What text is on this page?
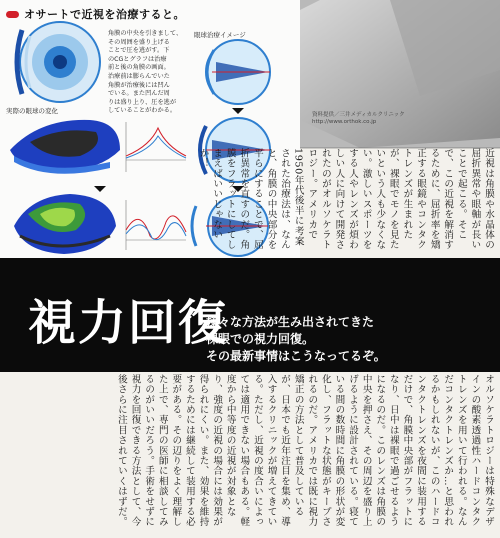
オサートで近視を治療すると。
角膜の中央を引きまして、
その周囲を盛り上げる
ことで圧を逃がす。下
のCGとグラフは治療
前と後の角膜の画面。
治療前は膨らんでいた
角膜が治療後には凹ん
でいる。また凹んだ周
りは盛り上り、圧を逃が
していることがわかる。
眼球治療イメージ
実際の眼球の変化	資料提供／三井メディカルクリニック
http://www.orthok.co.jp
近視は角膜や水晶体の屈折異常や眼軸が長いことで起こる。そこで、この近視を解消するために、屈折率を矯正する眼鏡やコンタクトレンズが生まれたが、裸眼でモノを見たいという人も少なくない。激しいスポーツをする人やレンズが煩わしい人に向けて開発されたのがオルソケラトロジー。アメリカで1950年代後半に考案された治療法は、なんと、角膜の中央部分を平らにすることで、屈折異常を直すのだ。角膜をフラットにしてしまえばいいじゃないか！
視力回復
様々な方法が生み出されてきた
裸眼での視力回復。
その最新事情はこうなってるぞ。
オルソケラトロジーは特殊なデザインの酸素透過性ハードコンタクトレンズを用いて行われる。なんだコンタクトレンズか…と思われるかもしれないが、このハードコンタクトレンズを夜間に装用するだけで、角膜中央部がフラットになり、日中は裸眼で過ごせるようになるのだ。このレンズは角膜の中央を押さえ、その周辺を盛り上げるように設計されている。寝ている間の数時間に角膜の形状が変化し、フラットな状態がキープされるのだ。アメリカでは既に視力矯正の方法として普及しているが、日本でも近年注目を集め、導入するクリニックが増えてきている。ただし、近視の度合いによっては適用できない場合もある。軽度から中等度の近視が対象となり、強度の近視の場合には効果が得られにくい。また、効果を維持するためには継続して装用する必要がある。その辺りをよく理解した上で、専門の医師に相談してみるのがいいだろう。手術をせずに視力を回復できる方法として、今後さらに注目されていくはずだ。
